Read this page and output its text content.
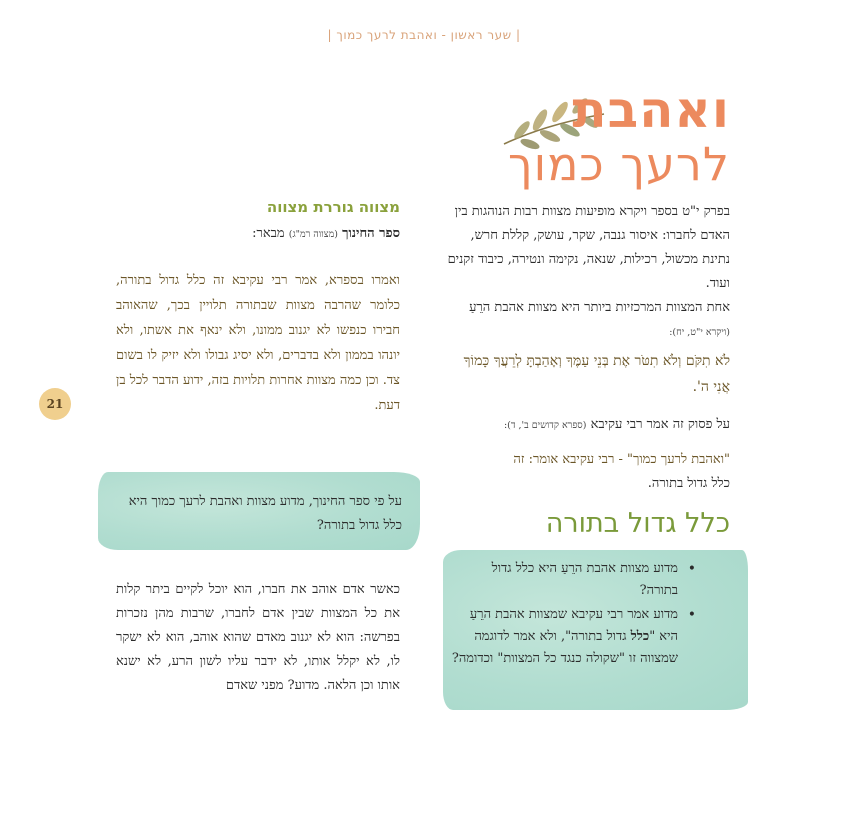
| שער ראשון - ואהבת לרעך כמוך |
21
ואהבת
לרעך כמוך

בפרק י"ט בספר ויקרא מופיעות מצוות רבות הנוהגות בין האדם לחברו: איסור גנבה, שקר, עושק, קללת חרש, נתינת מכשול, רכילות, שנאה, נקימה ונטירה, כיבוד זקנים ועוד.

אחת המצוות המרכזיות ביותר היא מצוות אהבת הרֵעַ (ויקרא י"ט, יח):

לֹא תִקֹּם וְלֹא תִטֹּר אֶת בְּנֵי עַמֶּךָ וְאָהַבְתָּ לְרֵעֲךָ כָּמוֹךָ אֲנִי ה'.
על פסוק זה אמר רבי עקיבא (ספרא קדושים ב', ד):
"ואהבת לרעך כמוך" - רבי עקיבא אומר: זה
כלל גדול בתורה.
כלל גדול בתורה
• מדוע מצוות אהבת הרֵעַ היא כלל גדול בתורה?
• מדוע אמר רבי עקיבא שמצוות אהבת הרֵעַ היא "כלל גדול בתורה", ולא אמר לדוגמה שמצווה זו "שקולה כנגד כל המצוות" וכדומה?
מצווה גוררת מצווה
ספר החינוך (מצווה רמ"ג) מבאר:
ואמרו בספרא, אמר רבי עקיבא זה כלל גדול בתורה, כלומר שהרבה מצוות שבתורה תלויין בכך, שהאוהב חבירו כנפשו לא יגנוב ממונו, ולא ינאף את אשתו, ולא יונהו בממון ולא בדברים, ולא יסיג גבולו ולא יזיק לו בשום צד. וכן כמה מצוות אחרות תלויות בזה, ידוע הדבר לכל בן דעת.
על פי ספר החינוך, מדוע מצוות ואהבת לרעך כמוך היא כלל גדול בתורה?
כאשר אדם אוהב את חברו, הוא יוכל לקיים ביתר קלות את כל המצוות שבין אדם לחברו, שרבות מהן נזכרות בפרשה: הוא לא יגנוב מאדם שהוא אוהב, הוא לא ישקר לו, לא יקלל אותו, לא ידבר עליו לשון הרע, לא ישנא אותו וכן הלאה. מדוע? מפני שאדם
